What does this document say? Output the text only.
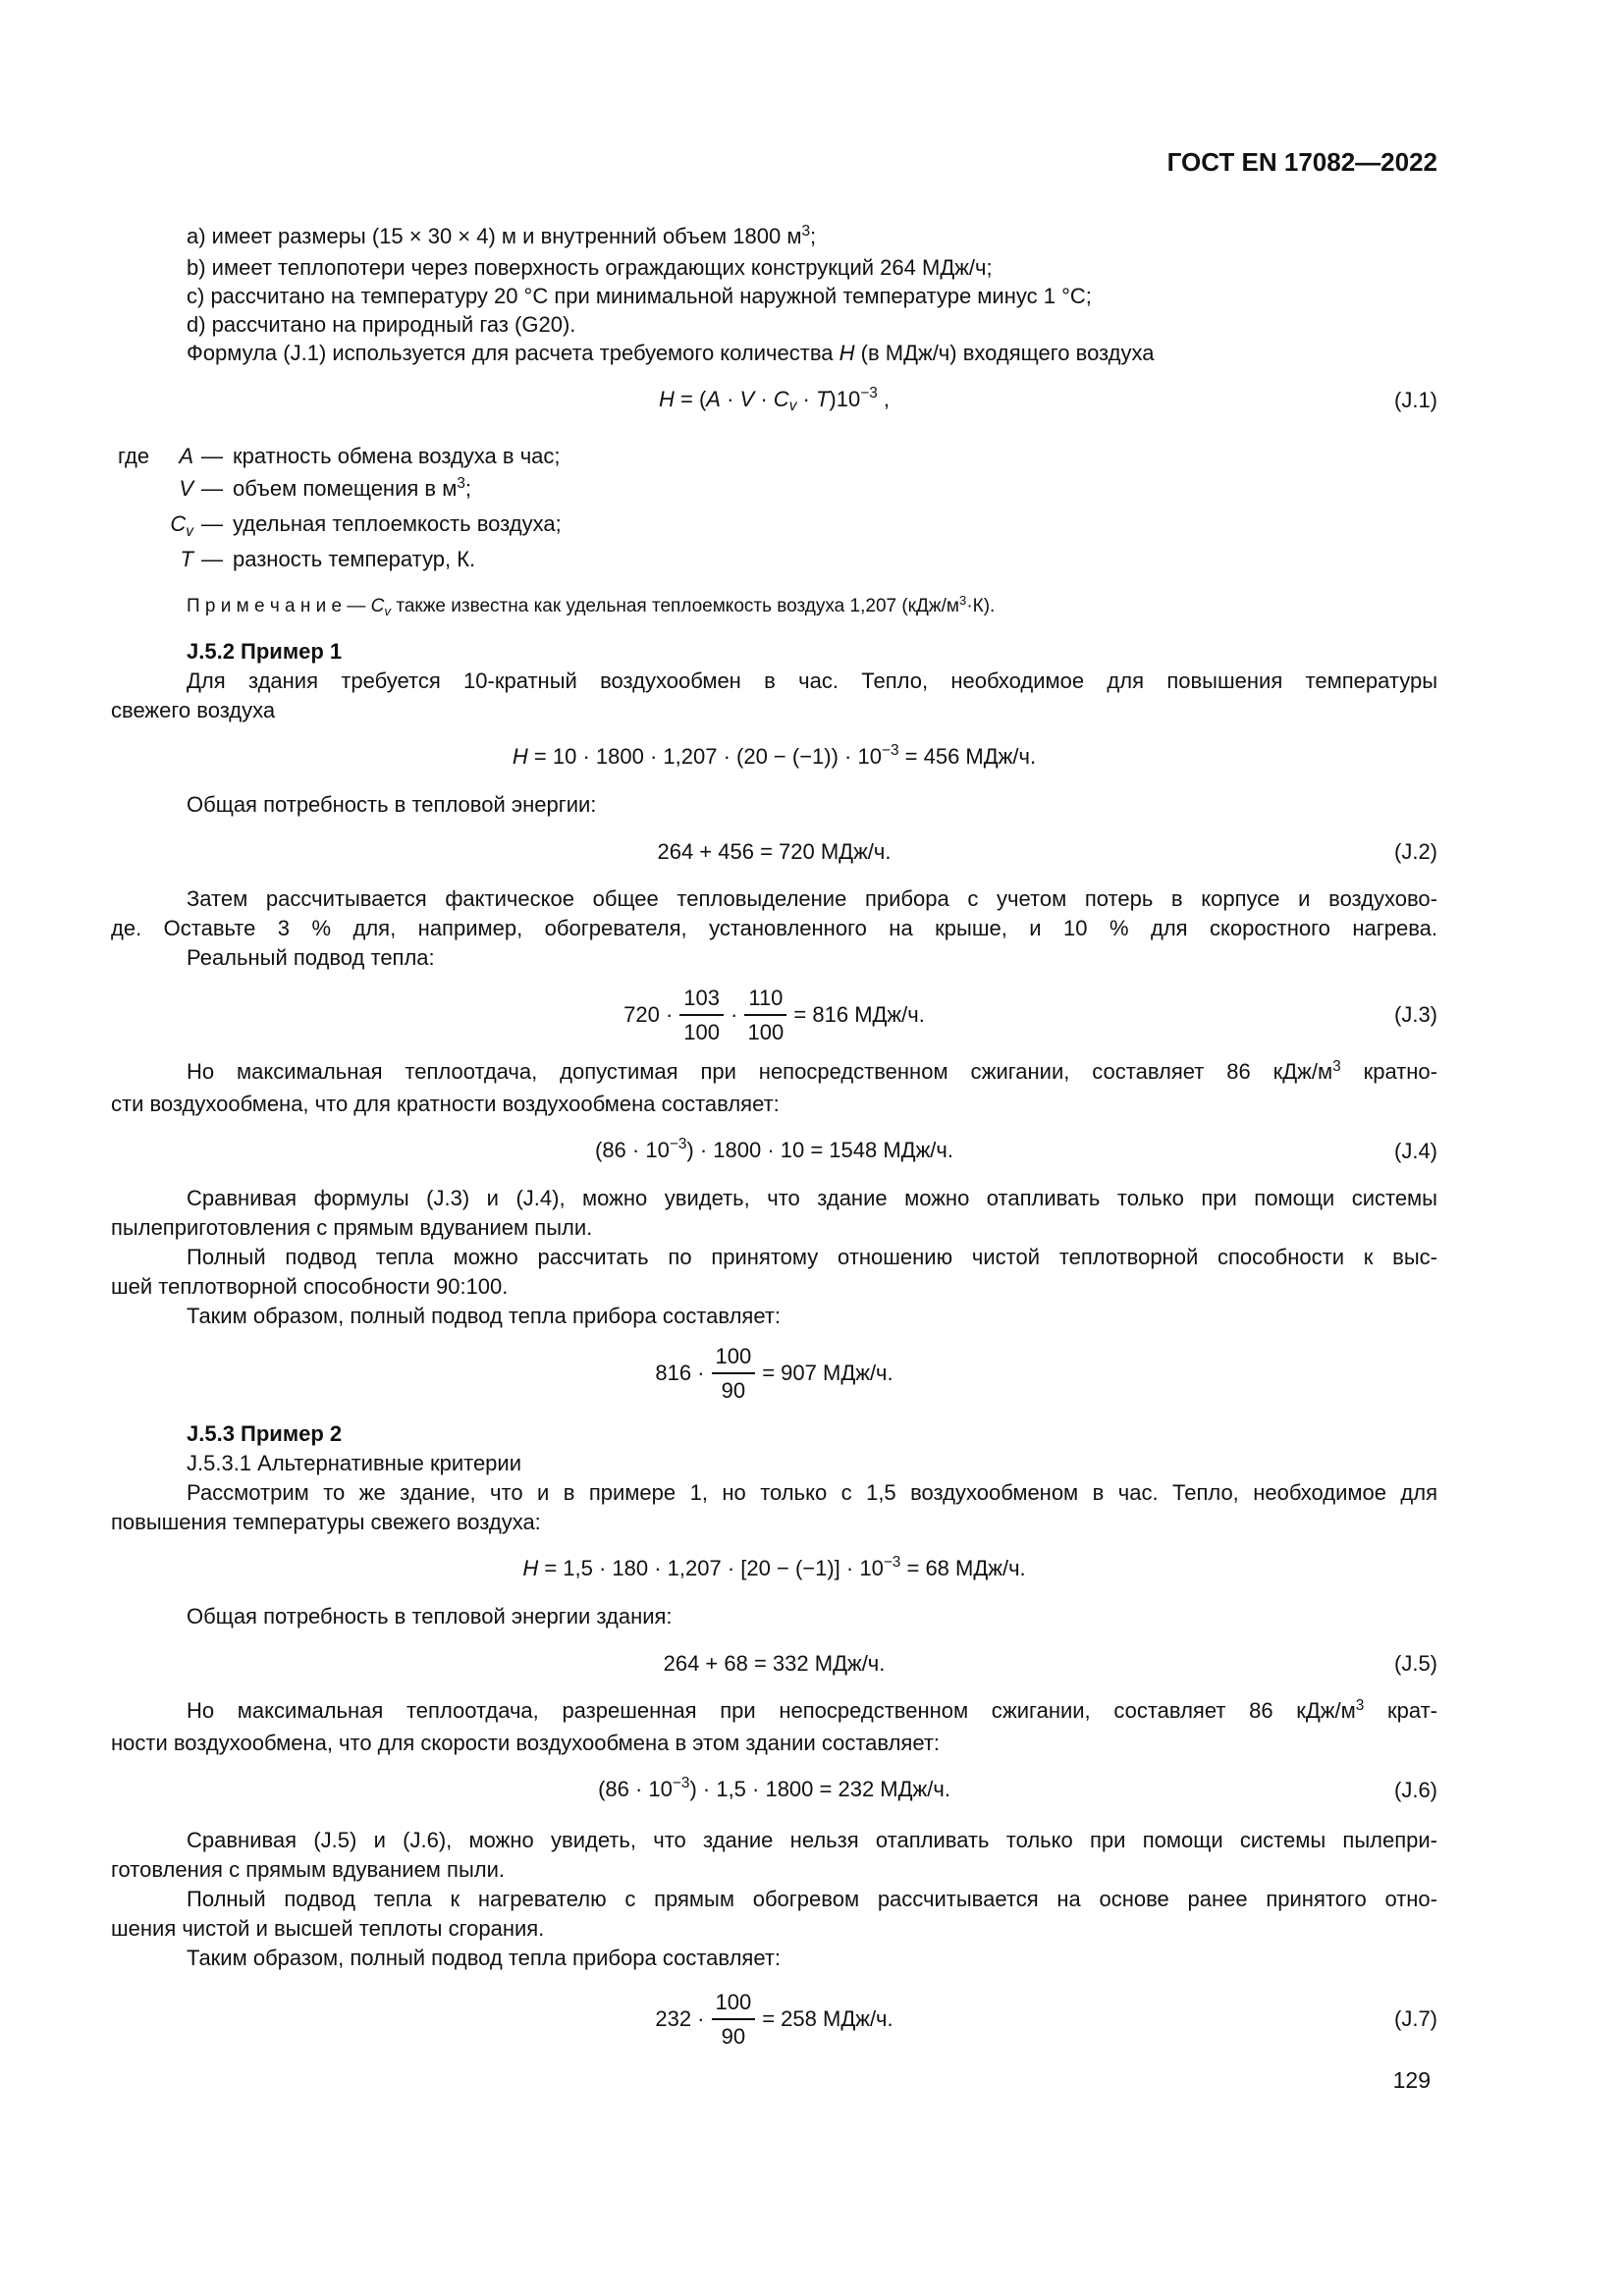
ГОСТ EN 17082—2022
a) имеет размеры (15 × 30 × 4) м и внутренний объем 1800 $м^3$;
b) имеет теплопотери через поверхность ограждающих конструкций 264 МДж/ч;
c) рассчитано на температуру 20 °С при минимальной наружной температуре минус 1 °С;
d) рассчитано на природный газ (G20).
Формула (J.1) используется для расчета требуемого количества H (в МДж/ч) входящего воздуха
$H = (A \cdot V \cdot C_v \cdot T)10^{-3}$ ,	(J.1)
где A — кратность обмена воздуха в час;
V — объем помещения в $м^3$;
$C_v$ — удельная теплоемкость воздуха;
T — разность температур, К.
П р и м е ч а н и е — $C_v$ также известна как удельная теплоемкость воздуха 1,207 $(кДж/м^3\cdot К)$.
J.5.2 Пример 1
Для здания требуется 10-кратный воздухообмен в час. Тепло, необходимое для повышения температуры
свежего воздуха
$H = 10 \cdot 1800 \cdot 1,207 \cdot (20 - (-1)) \cdot 10^{-3} = 456$ МДж/ч.
Общая потребность в тепловой энергии:
264 + 456 = 720 МДж/ч.	(J.2)
Затем рассчитывается фактическое общее тепловыделение прибора с учетом потерь в корпусе и воздухово-
де. Оставьте 3 % для, например, обогревателя, установленного на крыше, и 10 % для скоростного нагрева.
Реальный подвод тепла:
$720 \cdot \frac{103}{100} \cdot \frac{110}{100} = 816$ МДж/ч.	(J.3)
Но максимальная теплоотдача, допустимая при непосредственном сжигании, составляет 86 кДж/$м^3$ кратно-
сти воздухообмена, что для кратности воздухообмена составляет:
$(86 \cdot 10^{-3}) \cdot 1800 \cdot 10 = 1548$ МДж/ч.	(J.4)
Сравнивая формулы (J.3) и (J.4), можно увидеть, что здание можно отапливать только при помощи системы
пылеприготовления с прямым вдуванием пыли.
Полный подвод тепла можно рассчитать по принятому отношению чистой теплотворной способности к выс-
шей теплотворной способности 90:100.
Таким образом, полный подвод тепла прибора составляет:
$816 \cdot \frac{100}{90} = 907$ МДж/ч.
J.5.3 Пример 2
J.5.3.1 Альтернативные критерии
Рассмотрим то же здание, что и в примере 1, но только с 1,5 воздухообменом в час. Тепло, необходимое для
повышения температуры свежего воздуха:
$H = 1,5 \cdot 180 \cdot 1,207 \cdot [20 - (-1)] \cdot 10^{-3} = 68$ МДж/ч.
Общая потребность в тепловой энергии здания:
264 + 68 = 332 МДж/ч.	(J.5)
Но максимальная теплоотдача, разрешенная при непосредственном сжигании, составляет 86 кДж/$м^3$ крат-
ности воздухообмена, что для скорости воздухообмена в этом здании составляет:
$(86 \cdot 10^{-3}) \cdot 1,5 \cdot 1800 = 232$ МДж/ч.	(J.6)
Сравнивая (J.5) и (J.6), можно увидеть, что здание нельзя отапливать только при помощи системы пылепри-
готовления с прямым вдуванием пыли.
Полный подвод тепла к нагревателю с прямым обогревом рассчитывается на основе ранее принятого отно-
шения чистой и высшей теплоты сгорания.
Таким образом, полный подвод тепла прибора составляет:
$232 \cdot \frac{100}{90} = 258$ МДж/ч.	(J.7)
129
